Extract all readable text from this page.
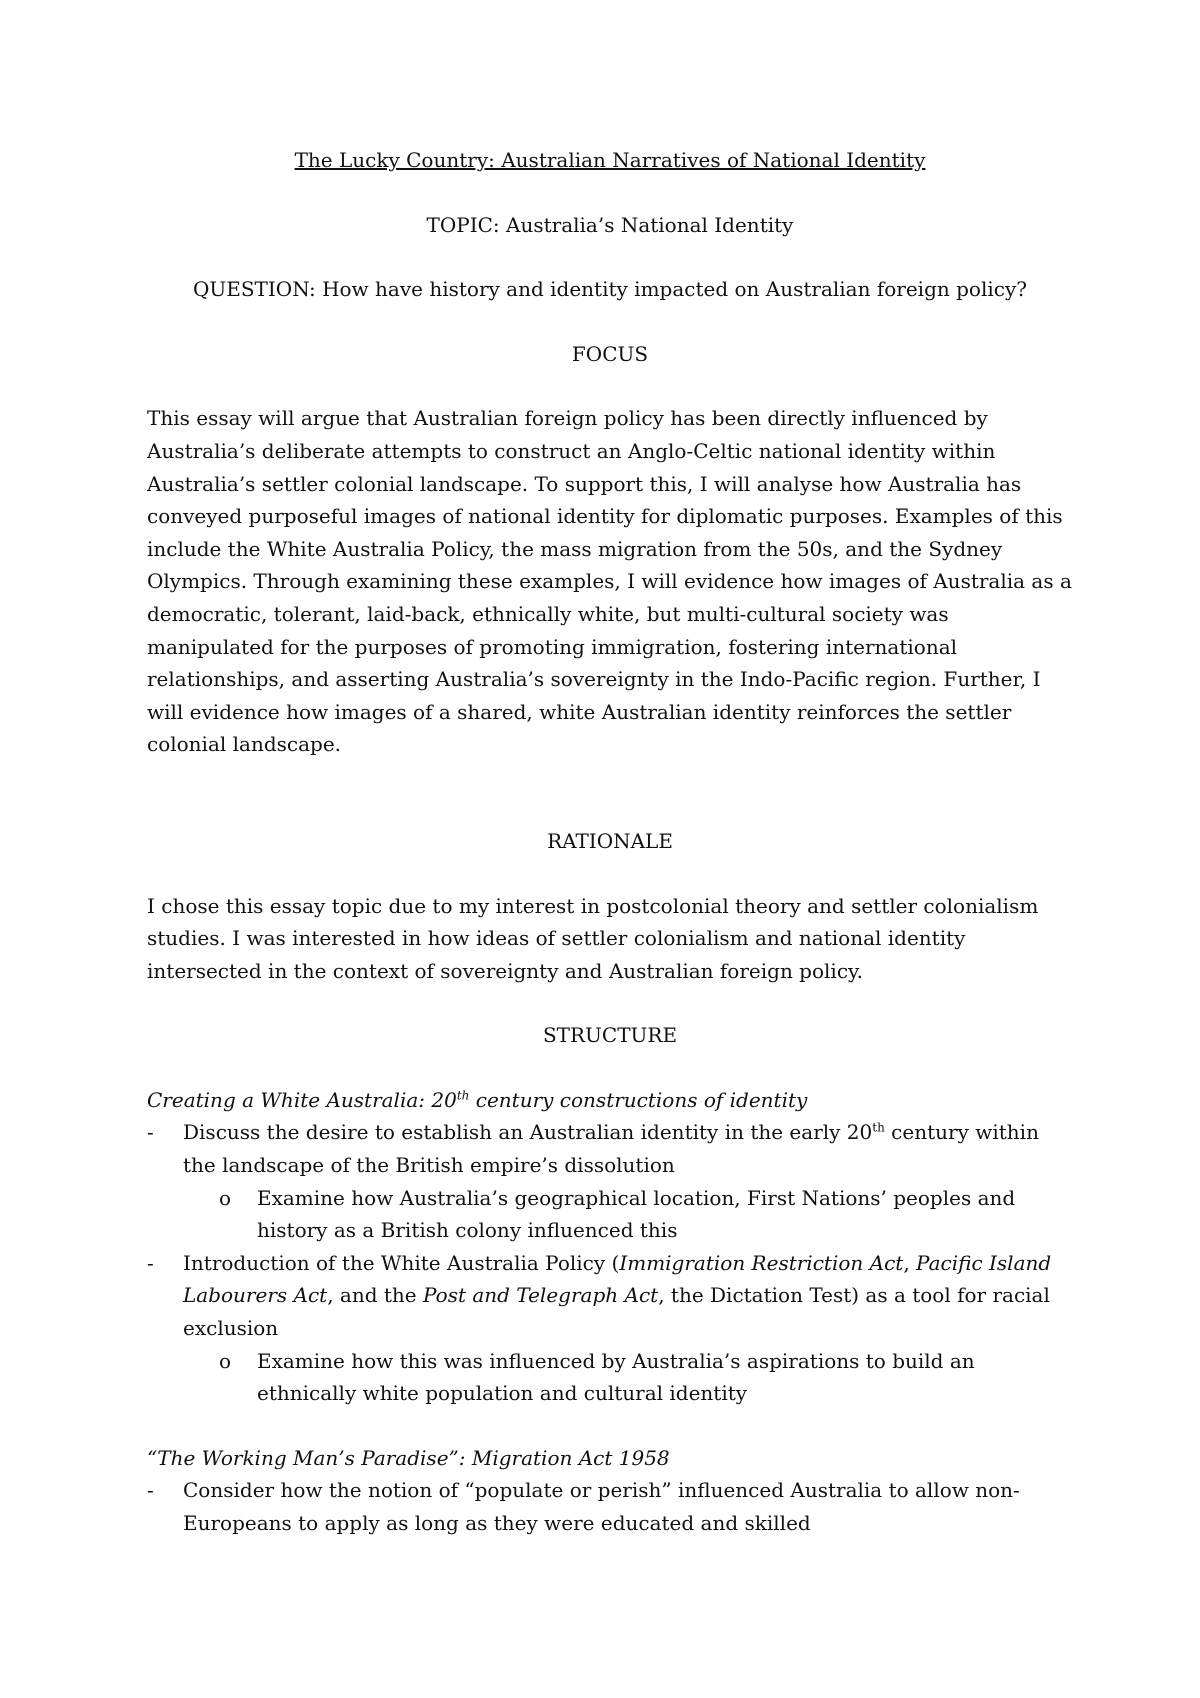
The Lucky Country: Australian Narratives of National Identity

TOPIC: Australia’s National Identity

QUESTION: How have history and identity impacted on Australian foreign policy?

FOCUS

This essay will argue that Australian foreign policy has been directly influenced by Australia’s deliberate attempts to construct an Anglo-Celtic national identity within Australia’s settler colonial landscape. To support this, I will analyse how Australia has conveyed purposeful images of national identity for diplomatic purposes. Examples of this include the White Australia Policy, the mass migration from the 50s, and the Sydney Olympics. Through examining these examples, I will evidence how images of Australia as a democratic, tolerant, laid-back, ethnically white, but multi-cultural society was manipulated for the purposes of promoting immigration, fostering international relationships, and asserting Australia’s sovereignty in the Indo-Pacific region. Further, I will evidence how images of a shared, white Australian identity reinforces the settler colonial landscape.

RATIONALE

I chose this essay topic due to my interest in postcolonial theory and settler colonialism studies. I was interested in how ideas of settler colonialism and national identity intersected in the context of sovereignty and Australian foreign policy.

STRUCTURE

Creating a White Australia: 20th century constructions of identity

- Discuss the desire to establish an Australian identity in the early 20th century within the landscape of the British empire’s dissolution
o Examine how Australia’s geographical location, First Nations’ peoples and history as a British colony influenced this
- Introduction of the White Australia Policy (Immigration Restriction Act, Pacific Island Labourers Act, and the Post and Telegraph Act, the Dictation Test) as a tool for racial exclusion
o Examine how this was influenced by Australia’s aspirations to build an ethnically white population and cultural identity

“The Working Man’s Paradise”: Migration Act 1958

- Consider how the notion of “populate or perish” influenced Australia to allow non-Europeans to apply as long as they were educated and skilled
